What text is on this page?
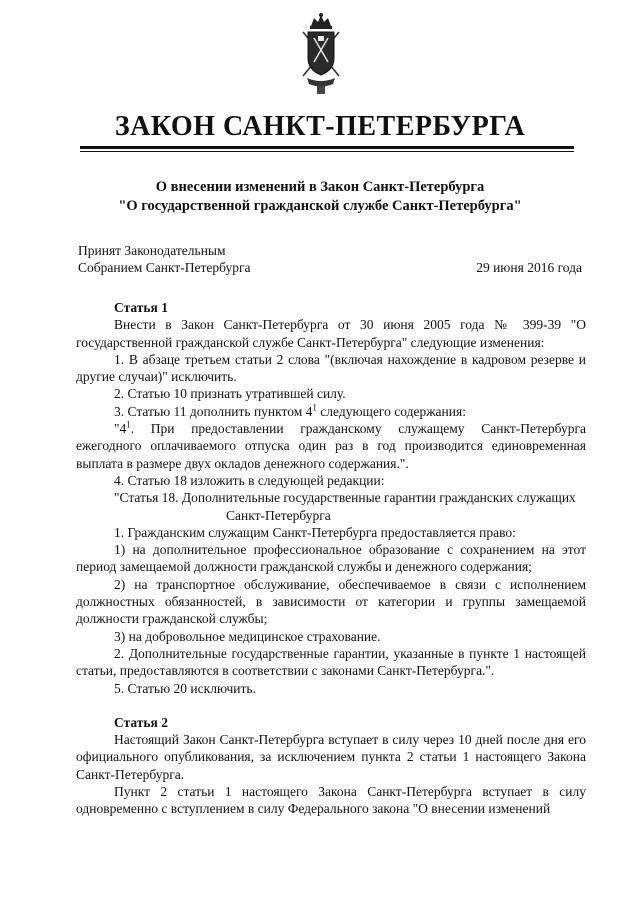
ЗАКОН САНКТ-ПЕТЕРБУРГА
О внесении изменений в Закон Санкт-Петербурга
"О государственной гражданской службе Санкт-Петербурга"
Принят Законодательным
Собранием Санкт-Петербурга	29 июня 2016 года

Статья 1

Внести в Закон Санкт-Петербурга от 30 июня 2005 года № 399-39 "О государственной гражданской службе Санкт-Петербурга" следующие изменения:

1. В абзаце третьем статьи 2 слова "(включая нахождение в кадровом резерве и другие случаи)" исключить.

2. Статью 10 признать утратившей силу.

3. Статью 11 дополнить пунктом $4^1$ следующего содержания:

"$4^1$. При предоставлении гражданскому служащему Санкт-Петербурга ежегодного оплачиваемого отпуска один раз в год производится единовременная выплата в размере двух окладов денежного содержания.".

4. Статью 18 изложить в следующей редакции:

"Статья 18. Дополнительные государственные гарантии гражданских служащих

Санкт-Петербурга

1. Гражданским служащим Санкт-Петербурга предоставляется право:

1) на дополнительное профессиональное образование с сохранением на этот период замещаемой должности гражданской службы и денежного содержания;

2) на транспортное обслуживание, обеспечиваемое в связи с исполнением должностных обязанностей, в зависимости от категории и группы замещаемой должности гражданской службы;

3) на добровольное медицинское страхование.

2. Дополнительные государственные гарантии, указанные в пункте 1 настоящей статьи, предоставляются в соответствии с законами Санкт-Петербурга.".

5. Статью 20 исключить.

Статья 2

Настоящий Закон Санкт-Петербурга вступает в силу через 10 дней после дня его официального опубликования, за исключением пункта 2 статьи 1 настоящего Закона Санкт-Петербурга.

Пункт 2 статьи 1 настоящего Закона Санкт-Петербурга вступает в силу одновременно с вступлением в силу Федерального закона "О внесении изменений
